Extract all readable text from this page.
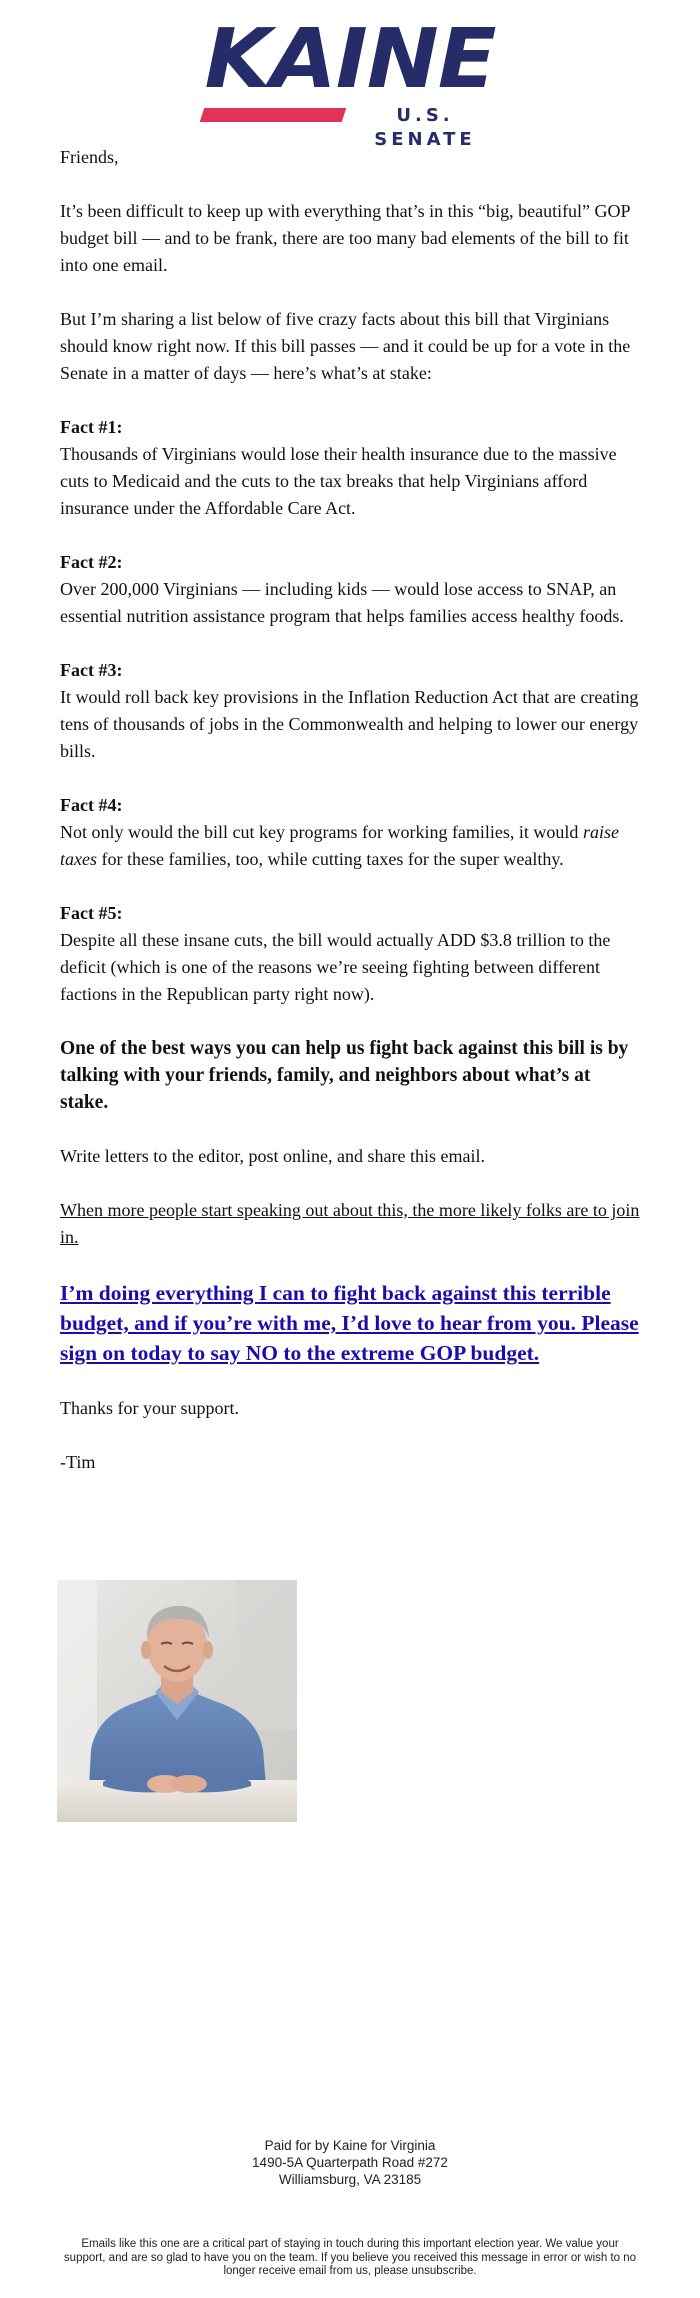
KAINE
U.S. SENATE

Friends,

It’s been difficult to keep up with everything that’s in this “big, beautiful” GOP budget bill — and to be frank, there are too many bad elements of the bill to fit into one email.

But I’m sharing a list below of five crazy facts about this bill that Virginians should know right now. If this bill passes — and it could be up for a vote in the Senate in a matter of days — here’s what’s at stake:

Fact #1:
Thousands of Virginians would lose their health insurance due to the massive cuts to Medicaid and the cuts to the tax breaks that help Virginians afford insurance under the Affordable Care Act.

Fact #2:
Over 200,000 Virginians — including kids — would lose access to SNAP, an essential nutrition assistance program that helps families access healthy foods.

Fact #3:
It would roll back key provisions in the Inflation Reduction Act that are creating tens of thousands of jobs in the Commonwealth and helping to lower our energy bills.

Fact #4:
Not only would the bill cut key programs for working families, it would raise taxes for these families, too, while cutting taxes for the super wealthy.

Fact #5:
Despite all these insane cuts, the bill would actually ADD $3.8 trillion to the deficit (which is one of the reasons we’re seeing fighting between different factions in the Republican party right now).

One of the best ways you can help us fight back against this bill is by talking with your friends, family, and neighbors about what’s at stake.

Write letters to the editor, post online, and share this email.

When more people start speaking out about this, the more likely folks are to join in.

I’m doing everything I can to fight back against this terrible budget, and if you’re with me, I’d love to hear from you. Please sign on today to say NO to the extreme GOP budget.

Thanks for your support.

-Tim

Paid for by Kaine for Virginia
1490-5A Quarterpath Road #272
Williamsburg, VA 23185
Emails like this one are a critical part of staying in touch during this important election year. We value your support, and are so glad to have you on the team. If you believe you received this message in error or wish to no longer receive email from us, please unsubscribe.
